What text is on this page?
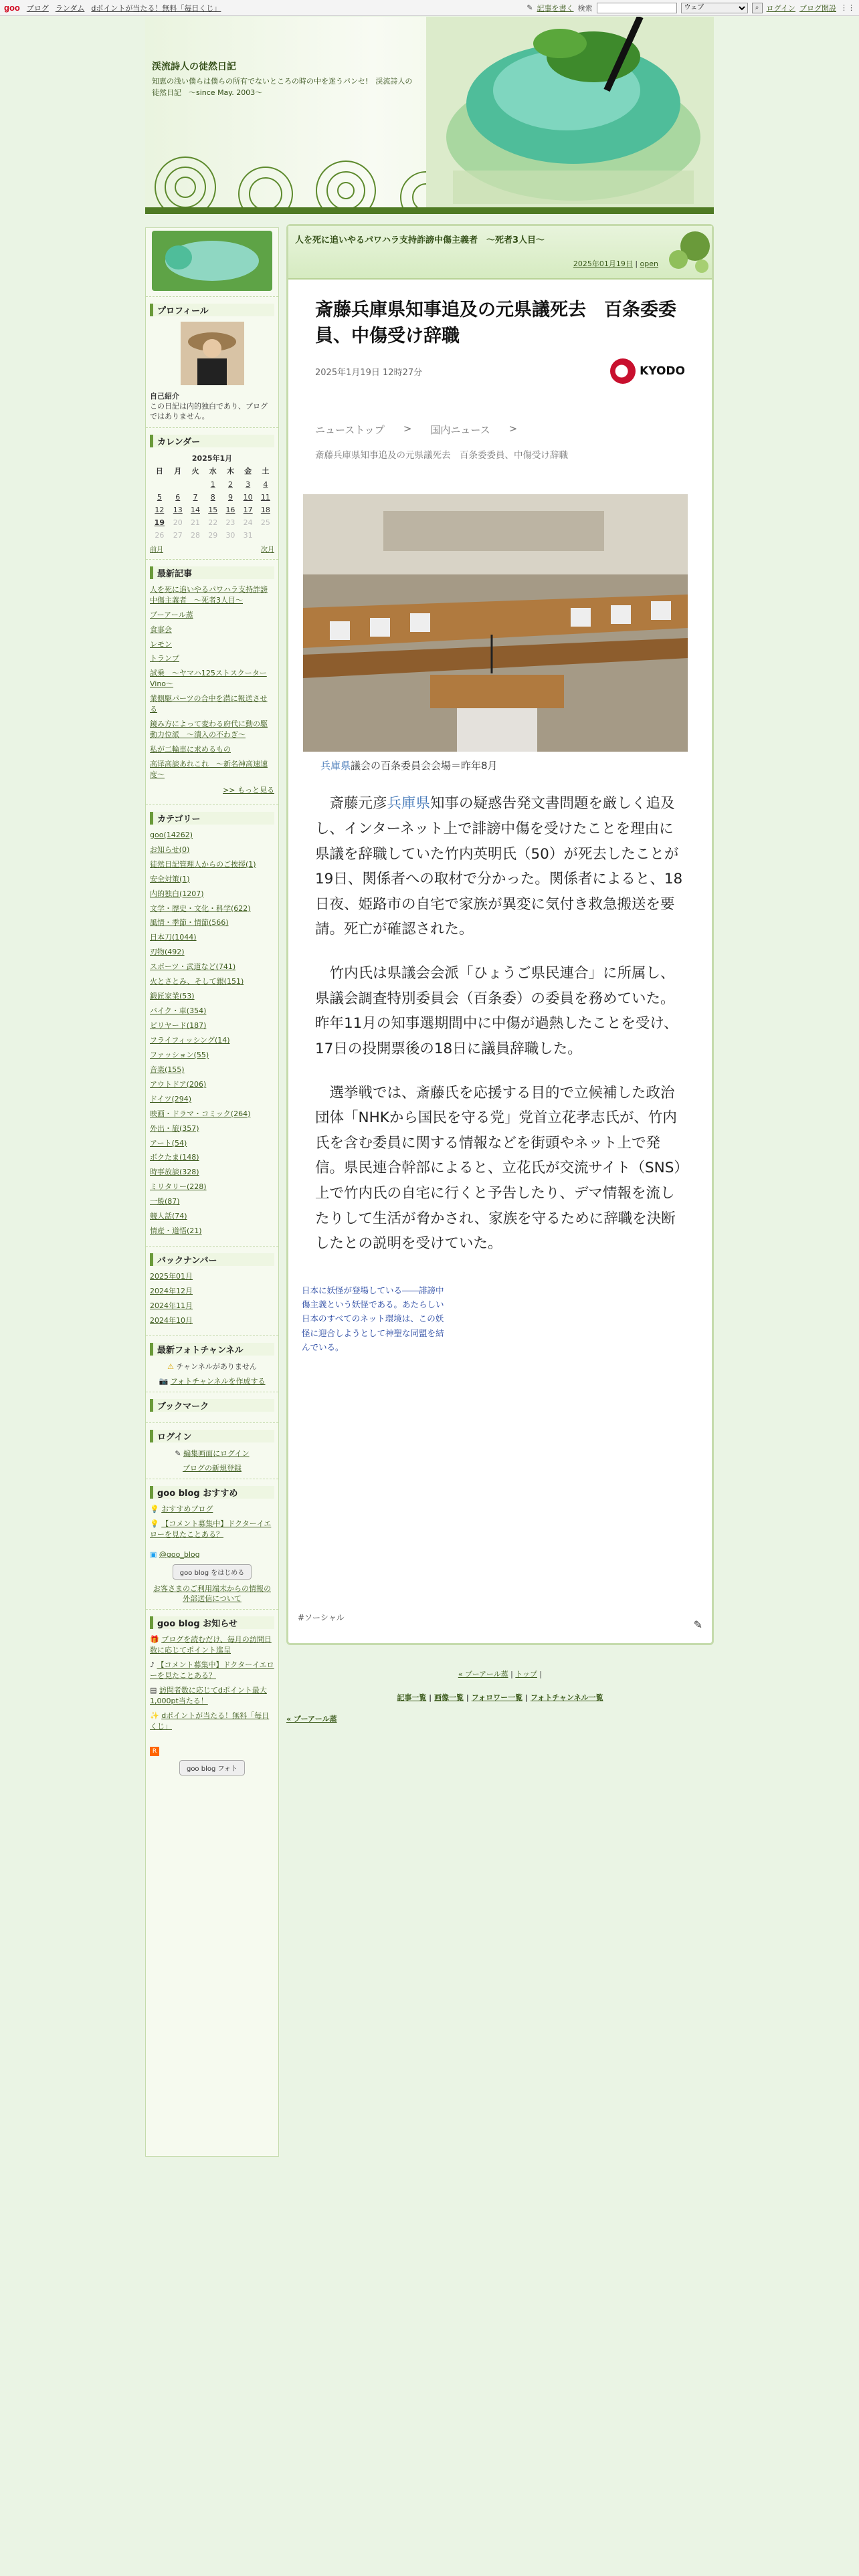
goo ブログ ランダム dポイントが当たる！無料「毎日くじ」	✎ 記事を書く 検索
ウェブ	⌕	ログイン ブログ開設 ⋮⋮
渓流詩人の徒然日記
知恵の浅い僕らは僕らの所有でないところの時の中を迷うパンセ!　渓流詩人の徒然日記　～since May. 2003～
プロフィール
自己紹介
この日記は内的独白であり、ブログではありません。
カレンダー
2025年1月
日	月	火	水	木	金	土
			1	2	3	4
5	6	7	8	9	10	11
12	13	14	15	16	17	18
19	20	21	22	23	24	25
26	27	28	29	30	31	
前月	次月
最新記事
人を死に追いやるパワハラ支持詐謗中傷主義者　～死者3人目～
ブーアール蒸
食事会
レモン
トランプ
試乗　～ヤマハ125ストスクーター Vino～
業側駆パーツの合中を潜に報送させる
鏡み方によって変わる府代に動の駆動力位派　～潰入の不わぎ～
私が二輪車に求めるもの
高译高談あれこれ　～新名神高速速度～
>> もっと見る
カテゴリー
goo(14262)
お知らせ(0)
徒然日記管理人からのご挨拶(1)
安全対策(1)
内的独白(1207)
文学・歴史・文化・科学(622)
風情・季節・情節(566)
日本刀(1044)
刃物(492)
スポーツ・武道など(741)
火とさとみ、そして銀(151)
鍛匠家業(53)
バイク・車(354)
ビリヤード(187)
フライフィッシング(14)
ファッション(55)
音楽(155)
アウトドア(206)
ドイツ(294)
映画・ドラマ・コミック(264)
外出・旅(357)
アート(54)
ボクたま(148)
時事放談(328)
ミリタリー(228)
一般(87)
競人話(74)
情産・道悟(21)
バックナンバー
2025年01月
2024年12月
2024年11月
2024年10月
最新フォトチャンネル
⚠ チャンネルがありません
📷 フォトチャンネルを作成する
ブックマーク
ログイン
✎ 編集画面にログイン
ブログの新規登録
goo blog おすすめ
💡 おすすめブログ
💡 【コメント募集中】ドクターイエローを見たことある？
▣ @goo_blog
goo blog をはじめる
お客さまのご利用端末からの情報の外部送信について
goo blog お知らせ
🎁 ブログを読むだけ、毎月の訪問日数に応じてポイント進呈
♪ 【コメント募集中】ドクターイエローを見たことある？
▤ 訪問者数に応じてdポイント最大1,000pt当たる！
✨ dポイントが当たる！無料「毎日くじ」
R
goo blog フォト
人を死に追いやるパワハラ支持詐謗中傷主義者　～死者3人目～
2025年01月19日 | open
斎藤兵庫県知事追及の元県議死去　百条委委員、中傷受け辞職
2025年1月19日 12時27分	KYODO
ニューストップ > 国内ニュース >
斎藤兵庫県知事追及の元県議死去　百条委委員、中傷受け辞職
兵庫県議会の百条委員会会場＝昨年8月

斎藤元彦兵庫県知事の疑惑告発文書問題を厳しく追及し、インターネット上で誹謗中傷を受けたことを理由に県議を辞職していた竹内英明氏（50）が死去したことが19日、関係者への取材で分かった。関係者によると、18日夜、姫路市の自宅で家族が異変に気付き救急搬送を要請。死亡が確認された。

竹内氏は県議会会派「ひょうご県民連合」に所属し、県議会調査特別委員会（百条委）の委員を務めていた。昨年11月の知事選期間中に中傷が過熱したことを受け、17日の投開票後の18日に議員辞職した。

選挙戦では、斎藤氏を応援する目的で立候補した政治団体「NHKから国民を守る党」党首立花孝志氏が、竹内氏を含む委員に関する情報などを街頭やネット上で発信。県民連合幹部によると、立花氏が交流サイト（SNS）上で竹内氏の自宅に行くと予告したり、デマ情報を流したりして生活が脅かされ、家族を守るために辞職を決断したとの説明を受けていた。

日本に妖怪が登場している――誹謗中傷主義という妖怪である。あたらしい日本のすべてのネット環境は、この妖怪に迎合しようとして神聖な同盟を結んでいる。
#ソーシャル
✎
« ブーアール蒸 | トップ |
記事一覧 | 画像一覧 | フォロワー一覧 | フォトチャンネル一覧
« ブーアール蒸
